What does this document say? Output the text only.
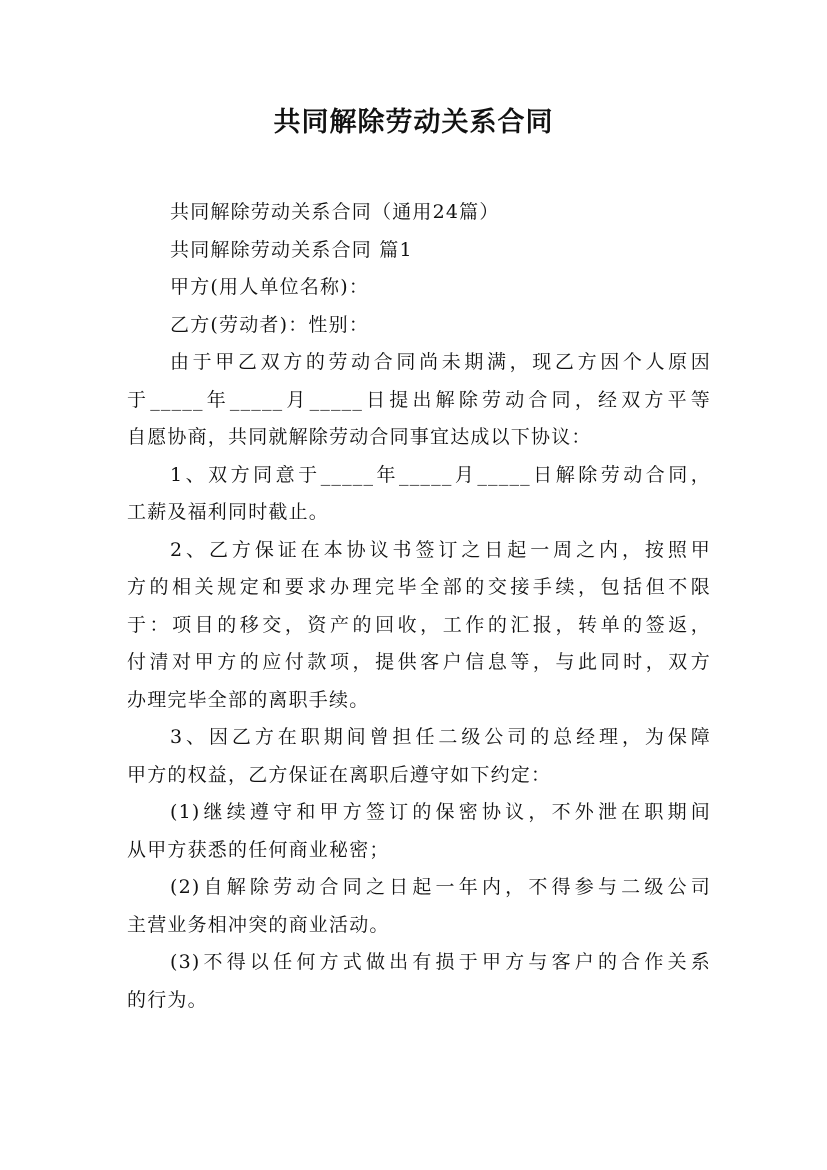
共同解除劳动关系合同

共同解除劳动关系合同（通用24篇）

共同解除劳动关系合同 篇1

甲方(用人单位名称)：

乙方(劳动者)：性别：

由于甲乙双方的劳动合同尚未期满，现乙方因个人原因

于_____年_____月_____日提出解除劳动合同，经双方平等

自愿协商，共同就解除劳动合同事宜达成以下协议：

1、双方同意于_____年_____月_____日解除劳动合同，

工薪及福利同时截止。

2、乙方保证在本协议书签订之日起一周之内，按照甲

方的相关规定和要求办理完毕全部的交接手续，包括但不限

于：项目的移交，资产的回收，工作的汇报，转单的签返，

付清对甲方的应付款项，提供客户信息等，与此同时，双方

办理完毕全部的离职手续。

3、因乙方在职期间曾担任二级公司的总经理，为保障

甲方的权益，乙方保证在离职后遵守如下约定：

(1)继续遵守和甲方签订的保密协议，不外泄在职期间

从甲方获悉的任何商业秘密；

(2)自解除劳动合同之日起一年内，不得参与二级公司

主营业务相冲突的商业活动。

(3)不得以任何方式做出有损于甲方与客户的合作关系

的行为。
